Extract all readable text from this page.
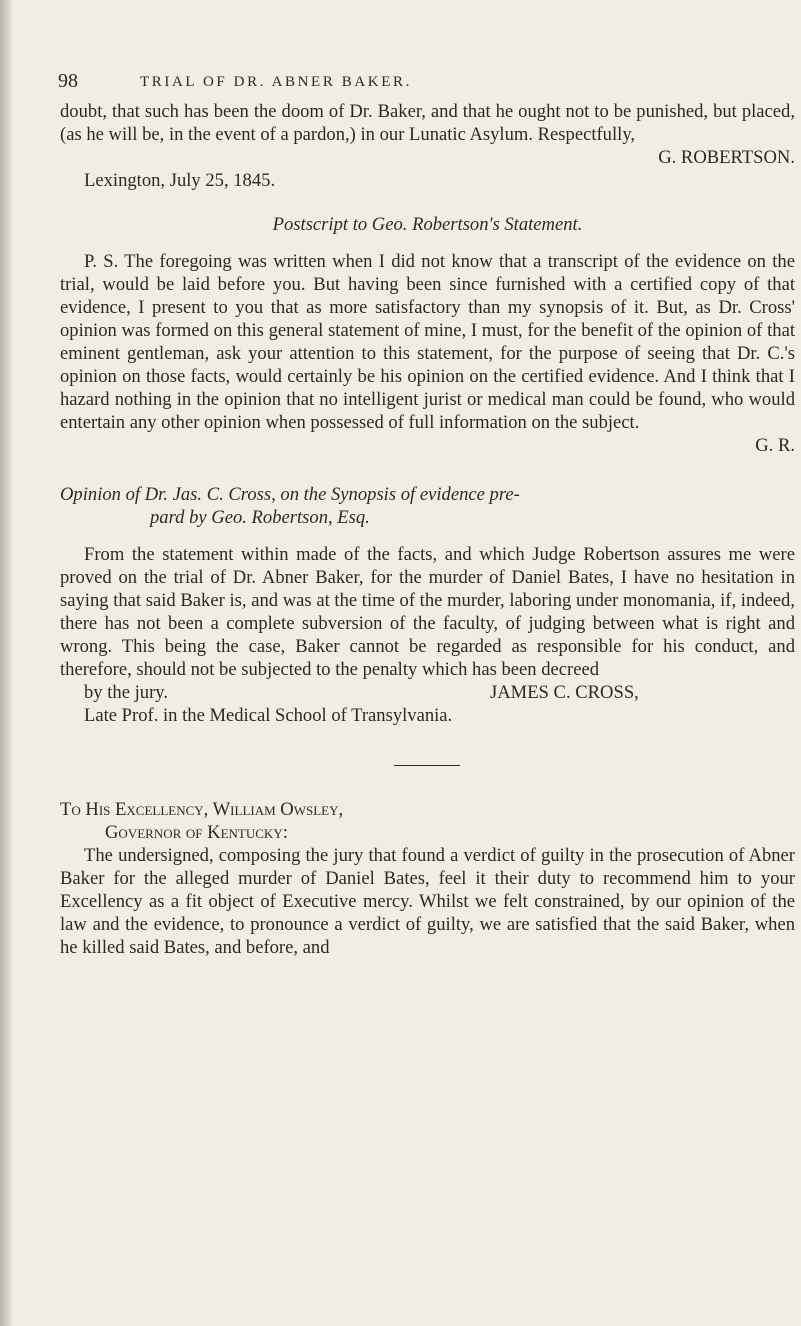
98	TRIAL OF DR. ABNER BAKER.

doubt, that such has been the doom of Dr. Baker, and that he ought not to be punished, but placed, (as he will be, in the event of a pardon,) in our Lunatic Asylum. Respectfully,

G. ROBERTSON.

Lexington, July 25, 1845.

Postscript to Geo. Robertson's Statement.

P. S. The foregoing was written when I did not know that a transcript of the evidence on the trial, would be laid before you. But having been since furnished with a certified copy of that evidence, I present to you that as more satisfactory than my synopsis of it. But, as Dr. Cross' opinion was formed on this general statement of mine, I must, for the benefit of the opinion of that eminent gentleman, ask your attention to this statement, for the purpose of seeing that Dr. C.'s opinion on those facts, would certainly be his opinion on the certified evidence. And I think that I hazard nothing in the opinion that no intelligent jurist or medical man could be found, who would entertain any other opinion when possessed of full information on the subject.

G. R.

Opinion of Dr. Jas. C. Cross, on the Synopsis of evidence pre-
pard by Geo. Robertson, Esq.

From the statement within made of the facts, and which Judge Robertson assures me were proved on the trial of Dr. Abner Baker, for the murder of Daniel Bates, I have no hesitation in saying that said Baker is, and was at the time of the murder, laboring under monomania, if, indeed, there has not been a complete subversion of the faculty, of judging between what is right and wrong. This being the case, Baker cannot be regarded as responsible for his conduct, and therefore, should not be subjected to the penalty which has been decreed

by the jury.	JAMES C. CROSS,

Late Prof. in the Medical School of Transylvania.

To His Excellency, William Owsley,

Governor of Kentucky:

The undersigned, composing the jury that found a verdict of guilty in the prosecution of Abner Baker for the alleged murder of Daniel Bates, feel it their duty to recommend him to your Excellency as a fit object of Executive mercy. Whilst we felt constrained, by our opinion of the law and the evidence, to pronounce a verdict of guilty, we are satisfied that the said Baker, when he killed said Bates, and before, and
